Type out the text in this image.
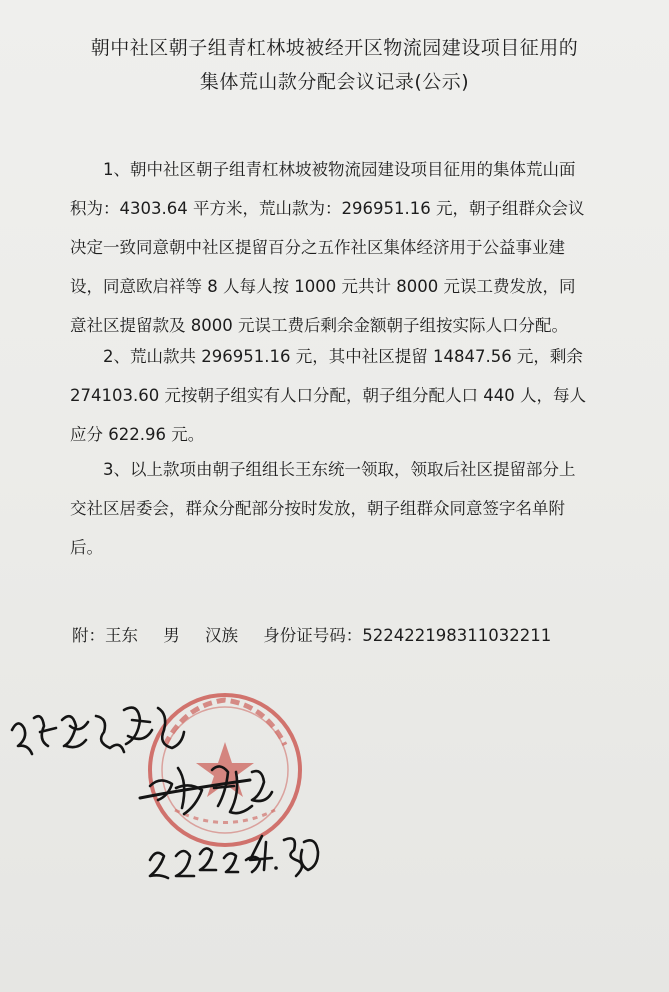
朝中社区朝子组青杠林坡被经开区物流园建设项目征用的
集体荒山款分配会议记录(公示)
1、朝中社区朝子组青杠林坡被物流园建设项目征用的集体荒山面积为：4303.64 平方米，荒山款为：296951.16 元，朝子组群众会议决定一致同意朝中社区提留百分之五作社区集体经济用于公益事业建设，同意欧启祥等 8 人每人按 1000 元共计 8000 元误工费发放，同意社区提留款及 8000 元误工费后剩余金额朝子组按实际人口分配。
2、荒山款共 296951.16 元，其中社区提留 14847.56 元，剩余 274103.60 元按朝子组实有人口分配，朝子组分配人口 440 人，每人应分 622.96 元。
3、以上款项由朝子组组长王东统一领取，领取后社区提留部分上交社区居委会，群众分配部分按时发放，朝子组群众同意签字名单附后。
附：王东 男 汉族 身份证号码：522422198311032211
